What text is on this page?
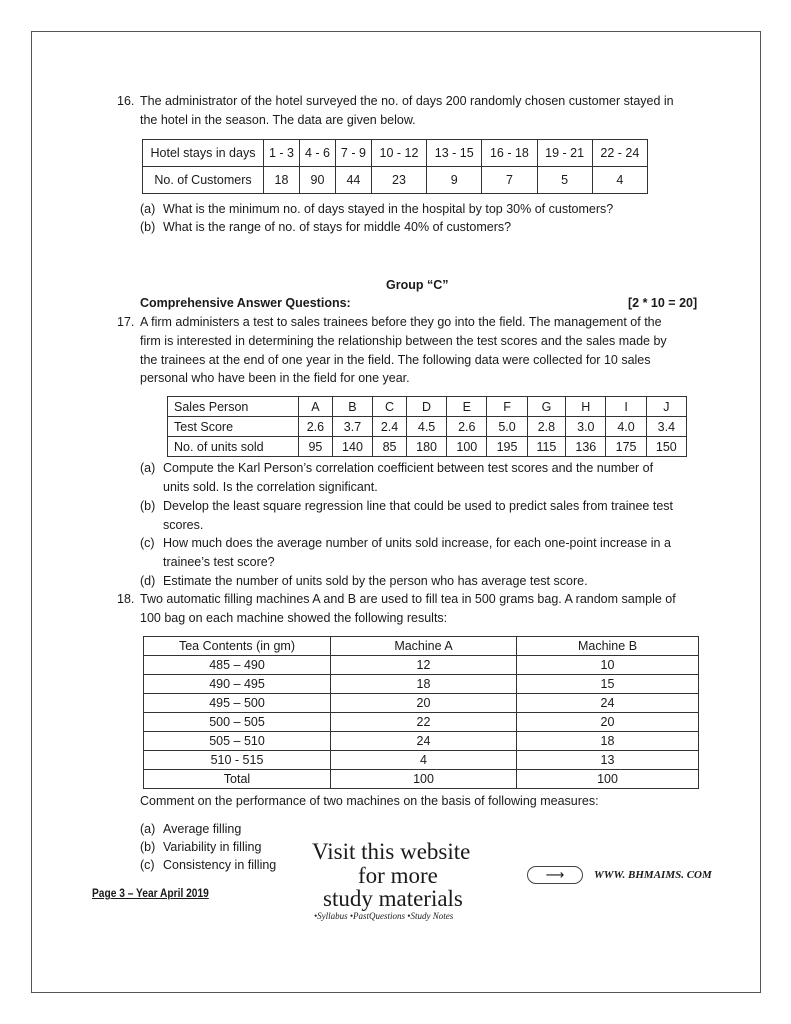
16. The administrator of the hotel surveyed the no. of days 200 randomly chosen customer stayed in
the hotel in the season. The data are given below.
Hotel stays in days	1 - 3	4 - 6	7 - 9	10 - 12	13 - 15	16 - 18	19 - 21	22 - 24
No. of Customers	18	90	44	23	9	7	5	4
(a) What is the minimum no. of days stayed in the hospital by top 30% of customers?
(b) What is the range of no. of stays for middle 40% of customers?
Group “C”
Comprehensive Answer Questions:	[2 * 10 = 20]
17. A firm administers a test to sales trainees before they go into the field. The management of the
firm is interested in determining the relationship between the test scores and the sales made by
the trainees at the end of one year in the field. The following data were collected for 10 sales
personal who have been in the field for one year.
Sales Person	A	B	C	D	E	F	G	H	I	J
Test Score	2.6	3.7	2.4	4.5	2.6	5.0	2.8	3.0	4.0	3.4
No. of units sold	95	140	85	180	100	195	115	136	175	150
(a) Compute the Karl Person’s correlation coefficient between test scores and the number of
units sold. Is the correlation significant.
(b) Develop the least square regression line that could be used to predict sales from trainee test
scores.
(c) How much does the average number of units sold increase, for each one-point increase in a
trainee’s test score?
(d) Estimate the number of units sold by the person who has average test score.
18. Two automatic filling machines A and B are used to fill tea in 500 grams bag. A random sample of
100 bag on each machine showed the following results:
Tea Contents (in gm)	Machine A	Machine B
485 – 490	12	10
490 – 495	18	15
495 – 500	20	24
500 – 505	22	20
505 – 510	24	18
510 - 515	4	13
Total	100	100
Comment on the performance of two machines on the basis of following measures:
(a) Average filling
(b) Variability in filling
(c) Consistency in filling
Page 3 – Year April 2019
Visit this website
for more
study materials
•Syllabus •PastQuestions •Study Notes
⟶	WWW. BHMAIMS. COM
